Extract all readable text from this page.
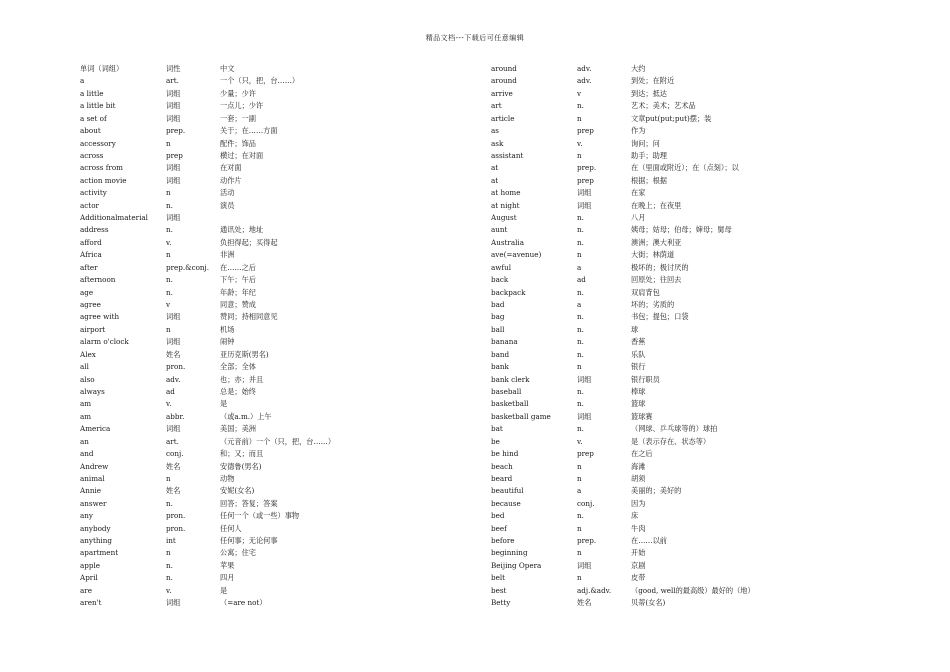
精品文档---下载后可任意编辑
单词（词组）	词性	中文
a	art.	一个（只，把，台……）
a little	词组	少量；少许
a little bit	词组	一点儿；少许
a set of	词组	一套；一副
about	prep.	关于；在……方面
accessory	n	配件；饰品
across	prep	横过；在对面
across from	词组	在对面
action movie	词组	动作片
activity	n	活动
actor	n.	演员
Additionalmaterial	词组
address	n.	通讯处；地址
afford	v.	负担得起；买得起
Africa	n	非洲
after	prep.&conj.	在……之后
afternoon	n.	下午；午后
age	n.	年龄；年纪
agree	v	同意；赞成
agree with	词组	赞同；持相同意见
airport	n	机场
alarm o'clock	词组	闹钟
Alex	姓名	亚历克斯(男名)
all	pron.	全部；全体
also	adv.	也；亦；并且
always	ad	总是；始终
am	v.	是
am	abbr.	（或a.m.）上午
America	词组	美国；美洲
an	art.	（元音前）一个（只，把，台……）
and	conj.	和；又；而且
Andrew	姓名	安德鲁(男名)
animal	n	动物
Annie	姓名	安妮(女名)
answer	n.	回答；答复；答案
any	pron.	任何一个（或一些）事物
anybody	pron.	任何人
anything	int	任何事；无论何事
apartment	n	公寓；住宅
apple	n.	苹果
April	n.	四月
are	v.	是
aren't	词组	（=are not）
around	adv.	大约
around	adv.	到处；在附近
arrive	v	到达；抵达
art	n.	艺术；美术；艺术品
article	n	文章put(put;put)摆；装
as	prep	作为
ask	v.	询问；问
assistant	n	助手；助理
at	prep.	在（里面或附近）；在（点刻）；以
at	prep	根据；根据
at home	词组	在家
at night	词组	在晚上；在夜里
August	n.	八月
aunt	n.	姨母；姑母；伯母；婶母；舅母
Australia	n.	澳洲；澳大利亚
ave(=avenue)	n	大街；林荫道
awful	a	极坏的；极讨厌的
back	ad	回原处；往回去
backpack	n.	双肩背包
bad	a	坏的；劣质的
bag	n.	书包；提包；口袋
ball	n.	球
banana	n.	香蕉
band	n.	乐队
bank	n	银行
bank clerk	词组	银行职员
baseball	n.	棒球
basketball	n.	篮球
basketball game	词组	篮球赛
bat	n.	（网球、乒乓球等的）球拍
be	v.	是（表示存在、状态等）
be hind	prep	在之后
beach	n	海滩
beard	n	胡须
beautiful	a	美丽的；美好的
because	conj.	因为
bed	n.	床
beef	n	牛肉
before	prep.	在……以前
beginning	n	开始
Beijing Opera	词组	京剧
belt	n	皮带
best	adj.&adv.	（good, well的最高级）最好的（地）
Betty	姓名	贝蒂(女名)
